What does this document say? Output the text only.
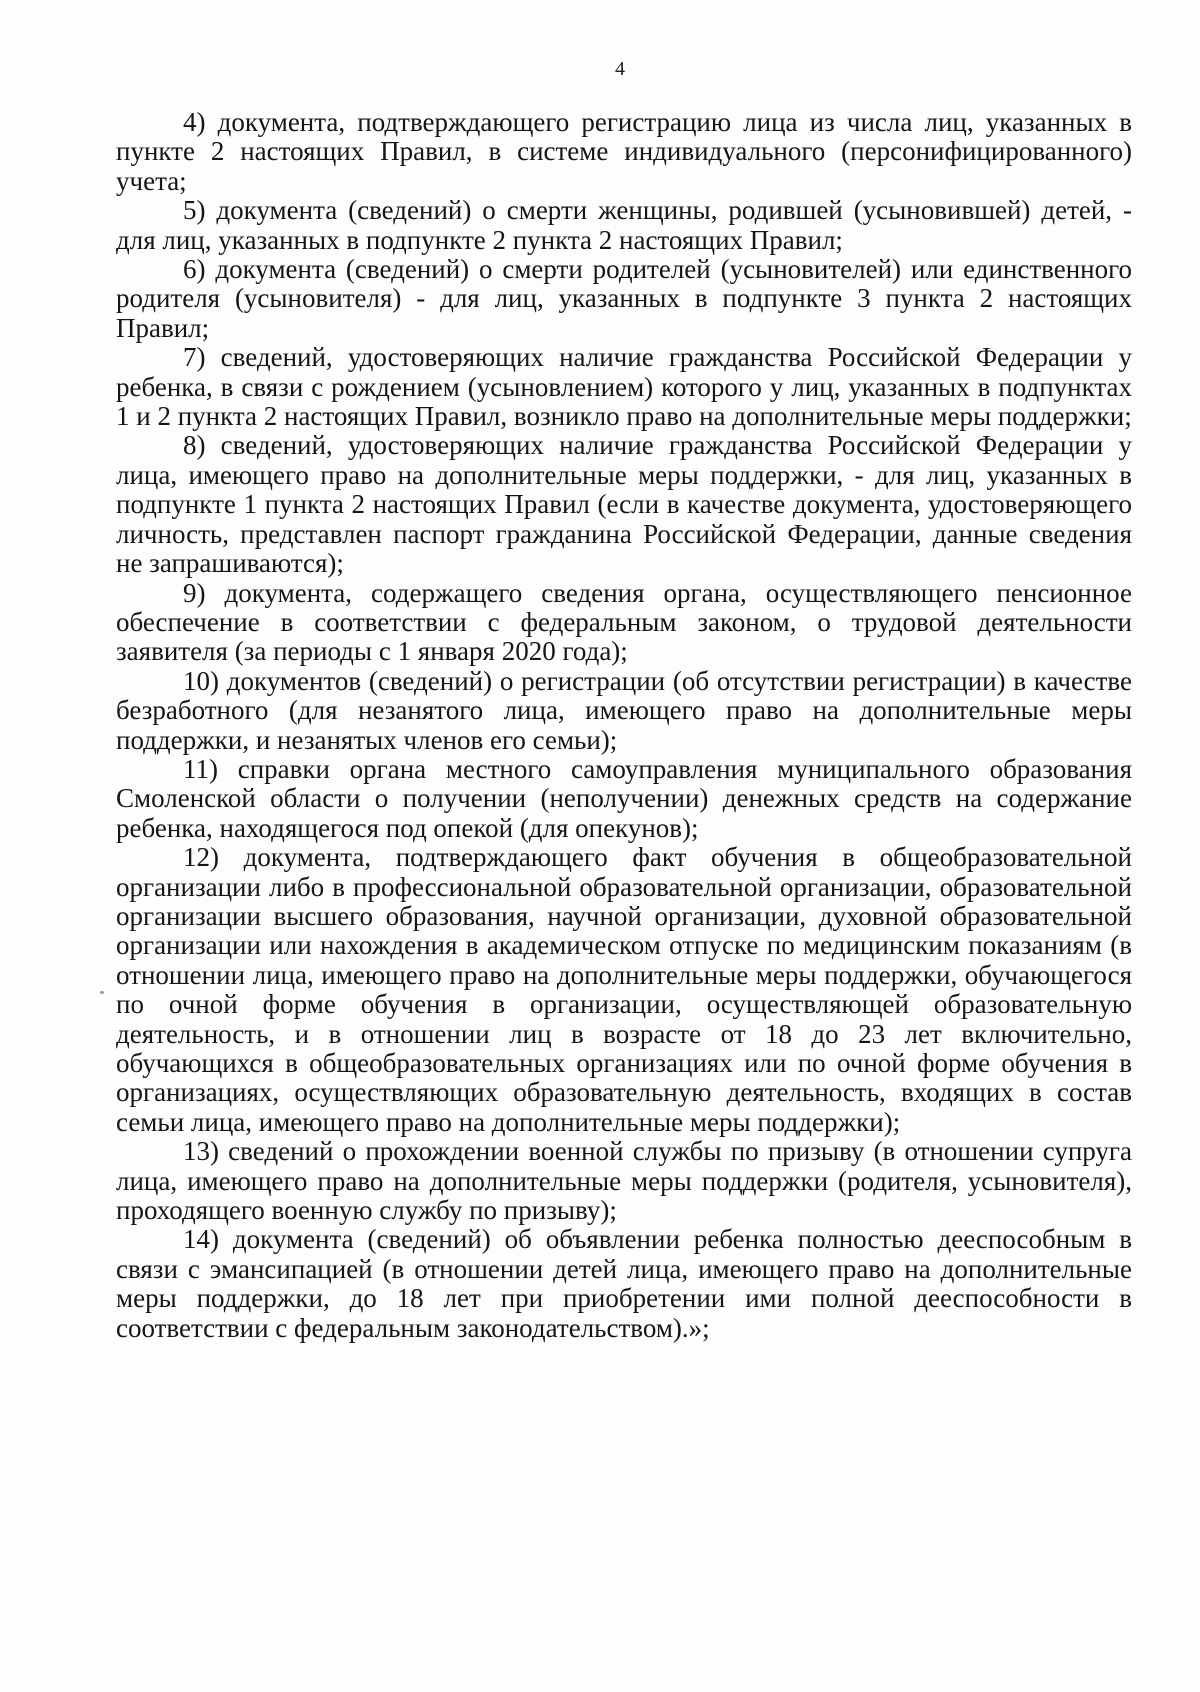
4

4) документа, подтверждающего регистрацию лица из числа лиц, указанных в пункте 2 настоящих Правил, в системе индивидуального (персонифицированного) учета;

5) документа (сведений) о смерти женщины, родившей (усыновившей) детей, - для лиц, указанных в подпункте 2 пункта 2 настоящих Правил;

6) документа (сведений) о смерти родителей (усыновителей) или единственного родителя (усыновителя) - для лиц, указанных в подпункте 3 пункта 2 настоящих Правил;

7) сведений, удостоверяющих наличие гражданства Российской Федерации у ребенка, в связи с рождением (усыновлением) которого у лиц, указанных в подпунктах 1 и 2 пункта 2 настоящих Правил, возникло право на дополнительные меры поддержки;

8) сведений, удостоверяющих наличие гражданства Российской Федерации у лица, имеющего право на дополнительные меры поддержки, - для лиц, указанных в подпункте 1 пункта 2 настоящих Правил (если в качестве документа, удостоверяющего личность, представлен паспорт гражданина Российской Федерации, данные сведения не запрашиваются);

9) документа, содержащего сведения органа, осуществляющего пенсионное обеспечение в соответствии с федеральным законом, о трудовой деятельности заявителя (за периоды с 1 января 2020 года);

10) документов (сведений) о регистрации (об отсутствии регистрации) в качестве безработного (для незанятого лица, имеющего право на дополнительные меры поддержки, и незанятых членов его семьи);

11) справки органа местного самоуправления муниципального образования Смоленской области о получении (неполучении) денежных средств на содержание ребенка, находящегося под опекой (для опекунов);

12) документа, подтверждающего факт обучения в общеобразовательной организации либо в профессиональной образовательной организации, образовательной организации высшего образования, научной организации, духовной образовательной организации или нахождения в академическом отпуске по медицинским показаниям (в отношении лица, имеющего право на дополнительные меры поддержки, обучающегося по очной форме обучения в организации, осуществляющей образовательную деятельность, и в отношении лиц в возрасте от 18 до 23 лет включительно, обучающихся в общеобразовательных организациях или по очной форме обучения в организациях, осуществляющих образовательную деятельность, входящих в состав семьи лица, имеющего право на дополнительные меры поддержки);

13) сведений о прохождении военной службы по призыву (в отношении супруга лица, имеющего право на дополнительные меры поддержки (родителя, усыновителя), проходящего военную службу по призыву);

14) документа (сведений) об объявлении ребенка полностью дееспособным в связи с эмансипацией (в отношении детей лица, имеющего право на дополнительные меры поддержки, до 18 лет при приобретении ими полной дееспособности в соответствии с федеральным законодательством).»;
